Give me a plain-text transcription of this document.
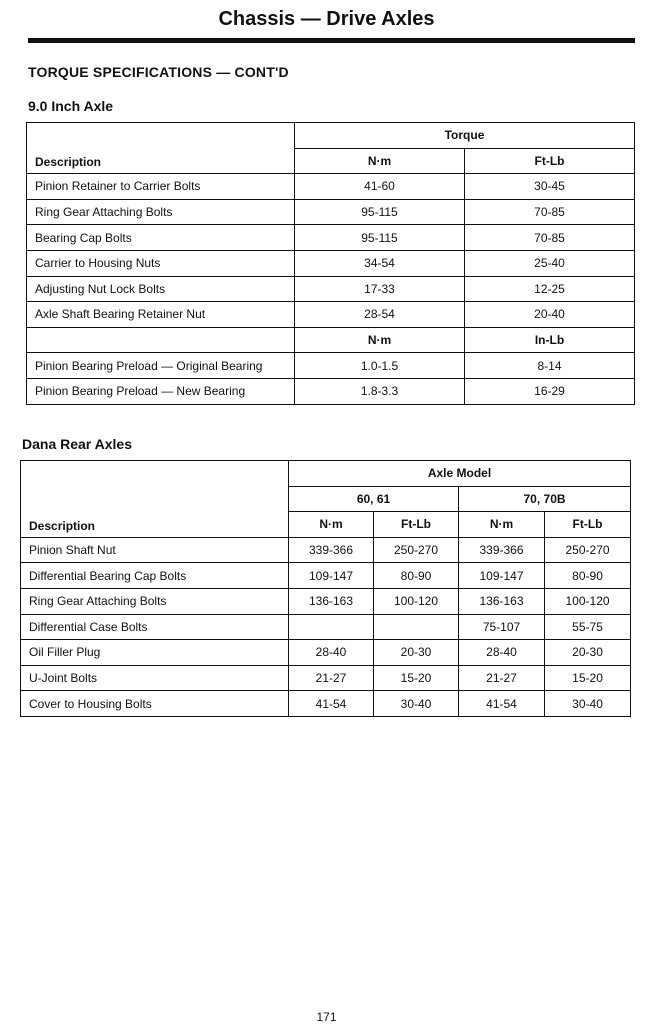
Chassis — Drive Axles
TORQUE SPECIFICATIONS — CONT'D
9.0 Inch Axle
Description	Torque	
	N·m	Ft-Lb
Pinion Retainer to Carrier Bolts	41-60	30-45
Ring Gear Attaching Bolts	95-115	70-85
Bearing Cap Bolts	95-115	70-85
Carrier to Housing Nuts	34-54	25-40
Adjusting Nut Lock Bolts	17-33	12-25
Axle Shaft Bearing Retainer Nut	28-54	20-40
	N·m	In-Lb
Pinion Bearing Preload — Original Bearing	1.0-1.5	8-14
Pinion Bearing Preload — New Bearing	1.8-3.3	16-29
Dana Rear Axles
Description	Axle Model			
	60, 61		70, 70B	
	N·m	Ft-Lb	N·m	Ft-Lb
Pinion Shaft Nut	339-366	250-270	339-366	250-270
Differential Bearing Cap Bolts	109-147	80-90	109-147	80-90
Ring Gear Attaching Bolts	136-163	100-120	136-163	100-120
Differential Case Bolts			75-107	55-75
Oil Filler Plug	28-40	20-30	28-40	20-30
U-Joint Bolts	21-27	15-20	21-27	15-20
Cover to Housing Bolts	41-54	30-40	41-54	30-40
171
